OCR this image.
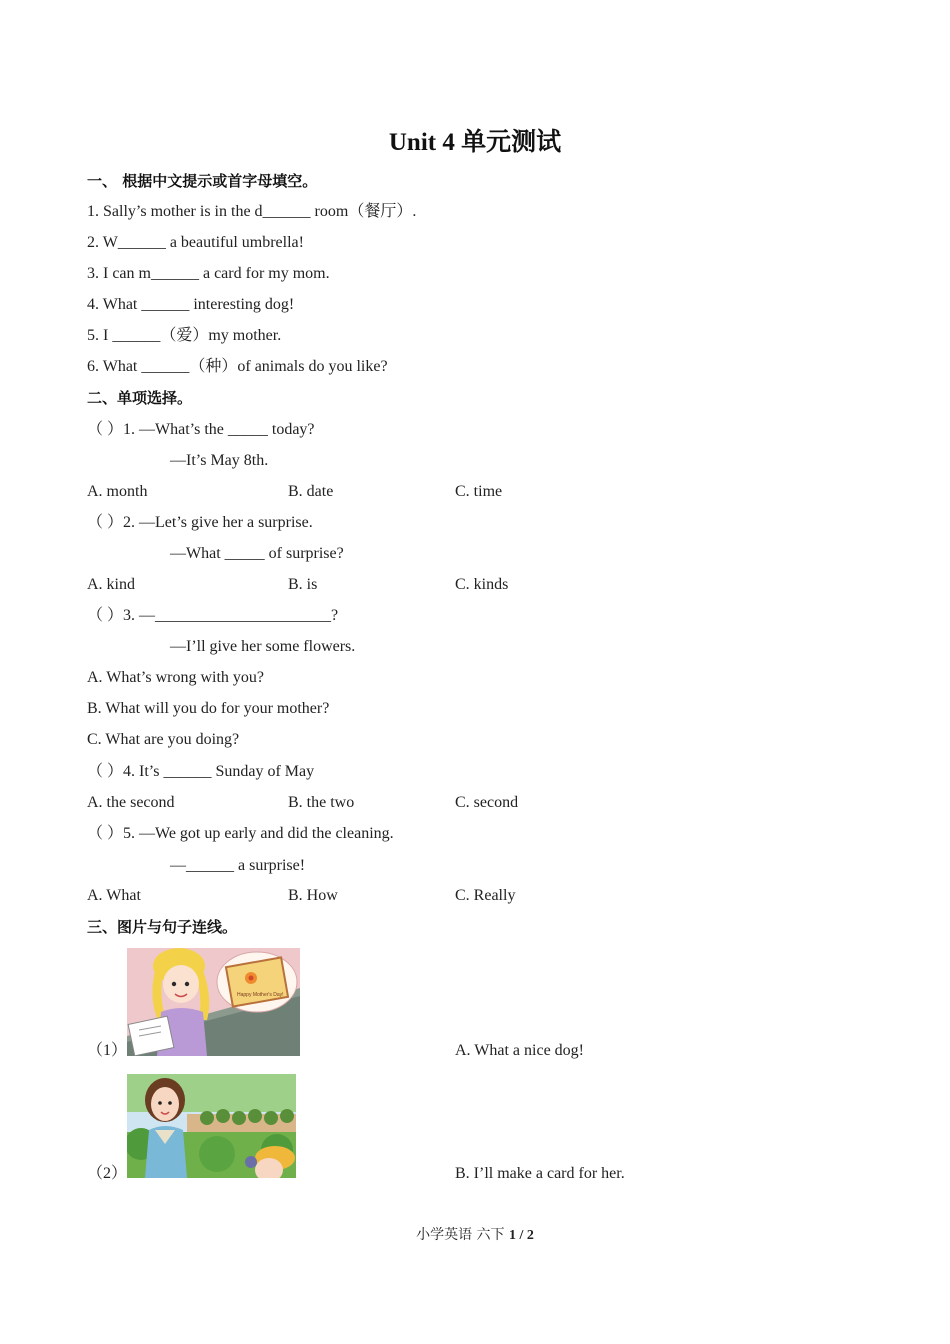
Unit 4 单元测试
一、 根据中文提示或首字母填空。
1. Sally’s mother is in the d______ room（餐厅）.
2. W______ a beautiful umbrella!
3. I can m______ a card for my mom.
4. What ______ interesting dog!
5. I ______（爱）my mother.
6. What ______（种）of animals do you like?
二、单项选择。
（ ）1. —What’s the _____ today?
—It’s May 8th.
A. month	B. date	C. time
（ ）2. —Let’s give her a surprise.
—What _____ of surprise?
A. kind	B. is	C. kinds
（ ）3. —______________________?
—I’ll give her some flowers.
A. What’s wrong with you?
B. What will you do for your mother?
C. What are you doing?
（ ）4. It’s ______ Sunday of May
A. the second	B. the two	C. second
（ ）5. —We got up early and did the cleaning.
—______ a surprise!
A. What	B. How	C. Really
三、图片与句子连线。
Happy Mother's Day!
（1）	A. What a nice dog!
（2）	B. I’ll make a card for her.
小学英语 六下 1 / 2
